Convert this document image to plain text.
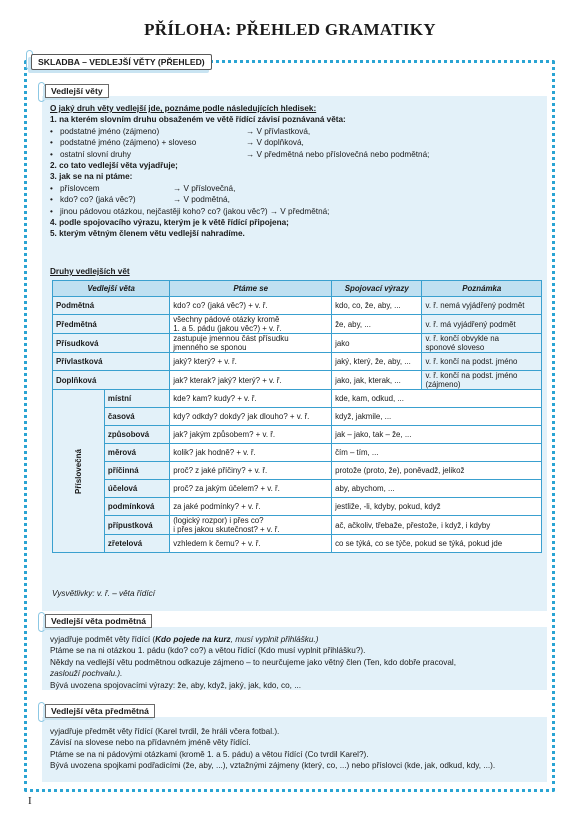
PŘÍLOHA: PŘEHLED GRAMATIKY
SKLADBA – VEDLEJŠÍ VĚTY (PŘEHLED)
Vedlejší věty
O jaký druh věty vedlejší jde, poznáme podle následujících hledisek:
1. na kterém slovním druhu obsaženém ve větě řídící závisí poznávaná věta:
• podstatné jméno (zájmeno)	→ V přívlastková,
• podstatné jméno (zájmeno) + sloveso	→ V doplňková,
• ostatní slovní druhy	→ V předmětná nebo příslovečná nebo podmětná;
2. co tato vedlejší věta vyjadřuje;
3. jak se na ni ptáme:
• příslovcem	→ V příslovečná,
• kdo? co? (jaká věc?)	→ V podmětná,
• jinou pádovou otázkou, nejčastěji koho? co? (jakou věc?) → V předmětná;
4. podle spojovacího výrazu, kterým je k větě řídící připojena;
5. kterým větným členem větu vedlejší nahradíme.
Druhy vedlejších vět
Vedlejší věta		Ptáme se	Spojovací výrazy	Poznámka
Podmětná		kdo? co? (jaká věc?) + v. ř.	kdo, co, že, aby, ...	v. ř. nemá vyjádřený podmět
Předmětná		všechny pádové otázky kromě
1. a 5. pádu (jakou věc?) + v. ř.	že, aby, ...	v. ř. má vyjádřený podmět
Přísudková		zastupuje jmennou část přísudku
jmenného se sponou	jako	v. ř. končí obvykle na
sponové sloveso
Přívlastková		jaký? který? + v. ř.	jaký, který, že, aby, ...	v. ř. končí na podst. jméno
Doplňková		jak? kterak? jaký? který? + v. ř.	jako, jak, kterak, ...	v. ř. končí na podst. jméno
(zájmeno)
Příslovečná	místní	kde? kam? kudy? + v. ř.	kde, kam, odkud, ...	
	časová	kdy? odkdy? dokdy? jak dlouho? + v. ř.	když, jakmile, ...	
	způsobová	jak? jakým způsobem? + v. ř.	jak – jako, tak – že, ...	
	měrová	kolik? jak hodně? + v. ř.	čím – tím, ...	
	příčinná	proč? z jaké příčiny? + v. ř.	protože (proto, že), poněvadž, jelikož	
	účelová	proč? za jakým účelem? + v. ř.	aby, abychom, ...	
	podmínková	za jaké podmínky? + v. ř.	jestliže, -li, kdyby, pokud, když	
	přípustková	(logický rozpor) i přes co?
i přes jakou skutečnost? + v. ř.	ač, ačkoliv, třebaže, přestože, i když, i kdyby	
	zřetelová	vzhledem k čemu? + v. ř.	co se týká, co se týče, pokud se týká, pokud jde	
Vysvětlivky: v. ř. – věta řídící
Vedlejší věta podmětná
vyjadřuje podmět věty řídící (Kdo pojede na kurz, musí vyplnit přihlášku.)
Ptáme se na ni otázkou 1. pádu (kdo? co?) a větou řídící (Kdo musí vyplnit přihlášku?).
Někdy na vedlejší větu podmětnou odkazuje zájmeno – to neurčujeme jako větný člen (Ten, kdo dobře pracoval,
zaslouží pochvalu.).
Bývá uvozena spojovacími výrazy: že, aby, když, jaký, jak, kdo, co, ...
Vedlejší věta předmětná
vyjadřuje předmět věty řídící (Karel tvrdil, že hráli včera fotbal.).
Závisí na slovese nebo na přídavném jméně věty řídící.
Ptáme se na ni pádovými otázkami (kromě 1. a 5. pádu) a větou řídící (Co tvrdil Karel?).
Bývá uvozena spojkami podřadicími (že, aby, ...), vztažnými zájmeny (který, co, ...) nebo příslovci (kde, jak, odkud, kdy, ...).
I
